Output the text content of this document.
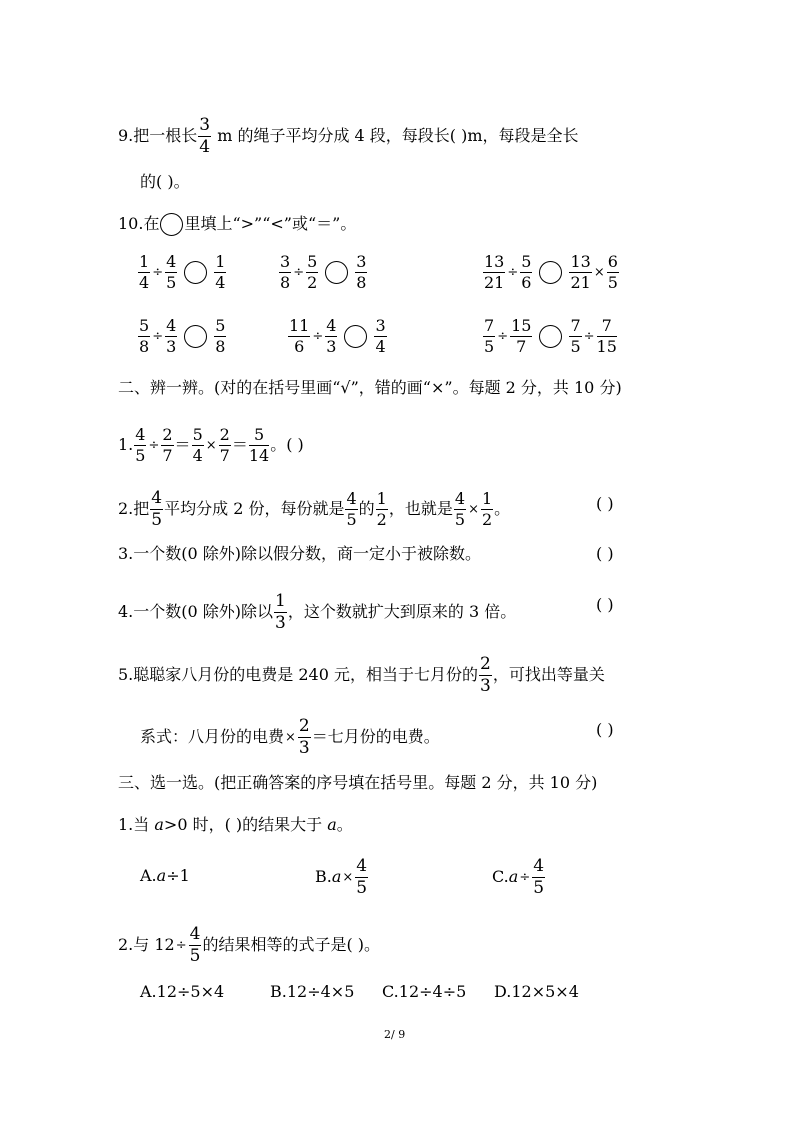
9.把一根长 $\frac{3}{4}$ m 的绳子平均分成 4 段，每段长( )m，每段是全长
的( )。
10.在 里填上“>”“<”或“＝”。
$\frac{1}{4} \div \frac{4}{5} \frac{1}{4}$	$\frac{3}{8} \div \frac{5}{2} \frac{3}{8}$	$\frac{13}{21} \div \frac{5}{6} \frac{13}{21} \times \frac{6}{5}$
$\frac{5}{8} \div \frac{4}{3} \frac{5}{8}$	$\frac{11}{6} \div \frac{4}{3} \frac{3}{4}$	$\frac{7}{5} \div \frac{15}{7} \frac{7}{5} \div \frac{7}{15}$
二、辨一辨。(对的在括号里画“√”，错的画“×”。每题 2 分，共 10 分)
1. $\frac{4}{5} \div \frac{2}{7} = \frac{5}{4} \times \frac{2}{7} = \frac{5}{14}$ 。( )
2.把 $\frac{4}{5}$ 平均分成 2 份，每份就是 $\frac{4}{5}$ 的 $\frac{1}{2}$ ，也就是 $\frac{4}{5} \times \frac{1}{2}$ 。	( )
3.一个数(0 除外)除以假分数，商一定小于被除数。	( )
4.一个数(0 除外)除以 $\frac{1}{3}$ ，这个数就扩大到原来的 3 倍。	( )
5.聪聪家八月份的电费是 240 元，相当于七月份的 $\frac{2}{3}$ ，可找出等量关
系式：八月份的电费× $\frac{2}{3}$ ＝七月份的电费。	( )
三、选一选。(把正确答案的序号填在括号里。每题 2 分，共 10 分)
1.当 a>0 时，( )的结果大于 a。
A.a÷1	$B.a\times \frac{4}{5}$	$C.a\div \frac{4}{5}$
2.与 $12\div \frac{4}{5}$ 的结果相等的式子是( )。
A.12÷5×4	B.12÷4×5 C.12÷4÷5 D.12×5×4
2/ 9
